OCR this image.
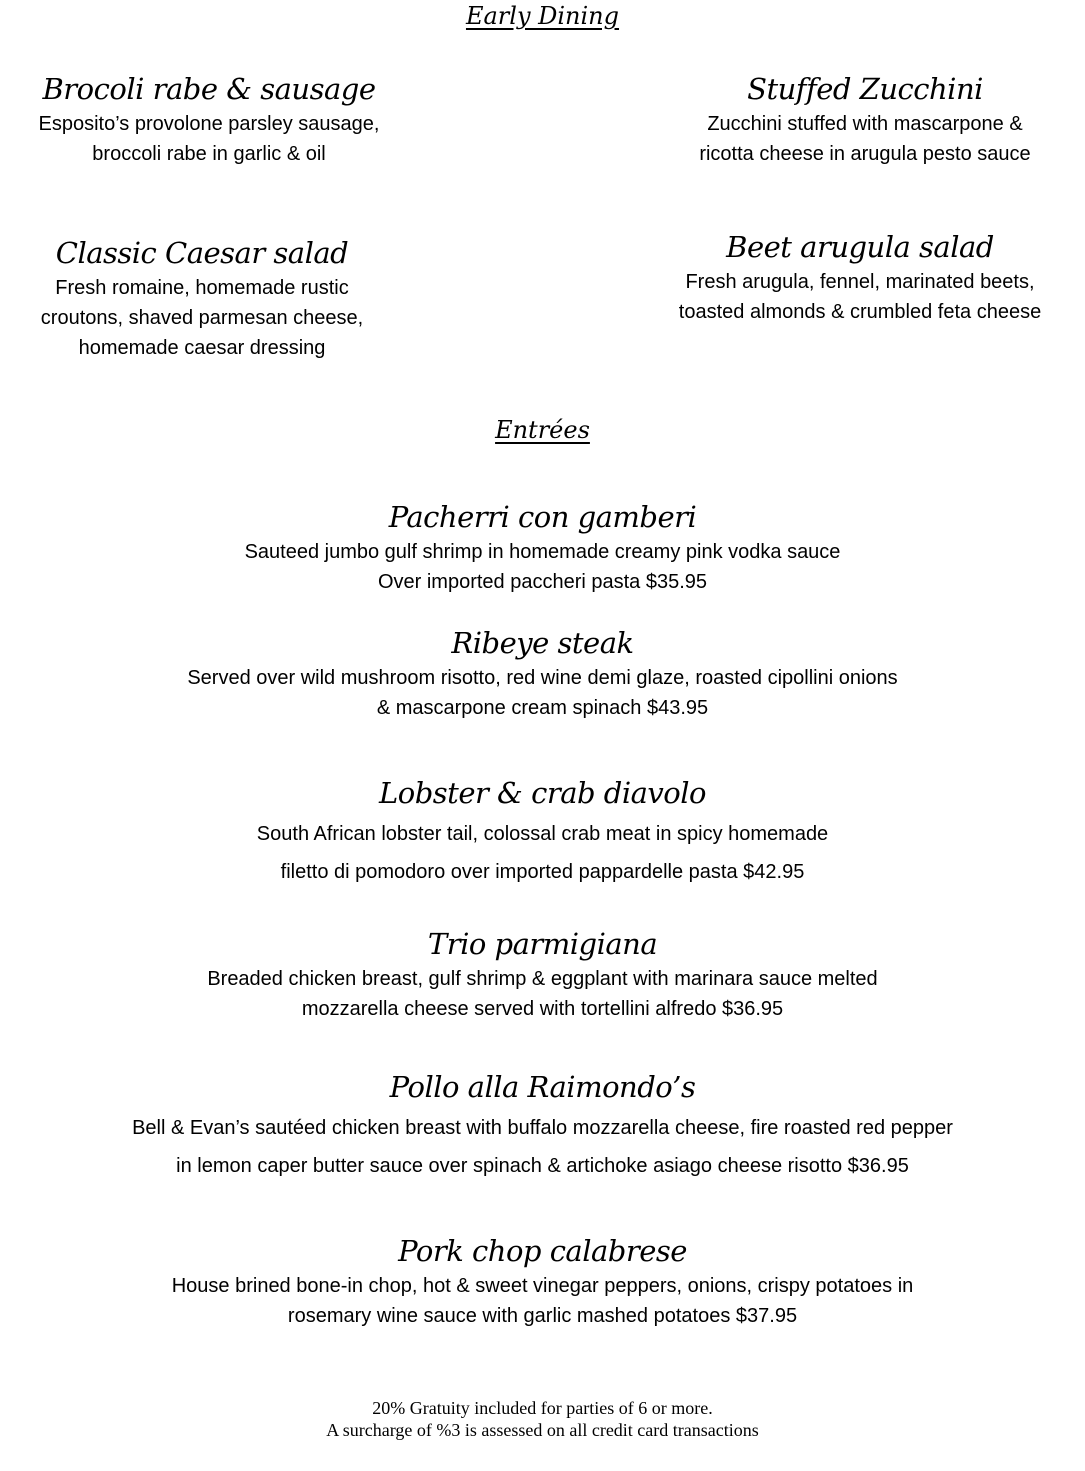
Early Dining
Brocoli rabe & sausage
Esposito’s provolone parsley sausage,
broccoli rabe in garlic & oil
Stuffed Zucchini
Zucchini stuffed with mascarpone &
ricotta cheese in arugula pesto sauce
Classic Caesar salad
Fresh romaine, homemade rustic
croutons, shaved parmesan cheese,
homemade caesar dressing
Beet arugula salad
Fresh arugula, fennel, marinated beets,
toasted almonds & crumbled feta cheese
Entrées
Pacherri con gamberi
Sauteed jumbo gulf shrimp in homemade creamy pink vodka sauce
Over imported paccheri pasta $35.95
Ribeye steak
Served over wild mushroom risotto, red wine demi glaze, roasted cipollini onions
& mascarpone cream spinach $43.95
Lobster & crab diavolo
South African lobster tail, colossal crab meat in spicy homemade
filetto di pomodoro over imported pappardelle pasta $42.95
Trio parmigiana
Breaded chicken breast, gulf shrimp & eggplant with marinara sauce melted
mozzarella cheese served with tortellini alfredo $36.95
Pollo alla Raimondo’s
Bell & Evan’s sautéed chicken breast with buffalo mozzarella cheese, fire roasted red pepper
in lemon caper butter sauce over spinach & artichoke asiago cheese risotto $36.95
Pork chop calabrese
House brined bone-in chop, hot & sweet vinegar peppers, onions, crispy potatoes in
rosemary wine sauce with garlic mashed potatoes $37.95
20% Gratuity included for parties of 6 or more.
A surcharge of %3 is assessed on all credit card transactions
